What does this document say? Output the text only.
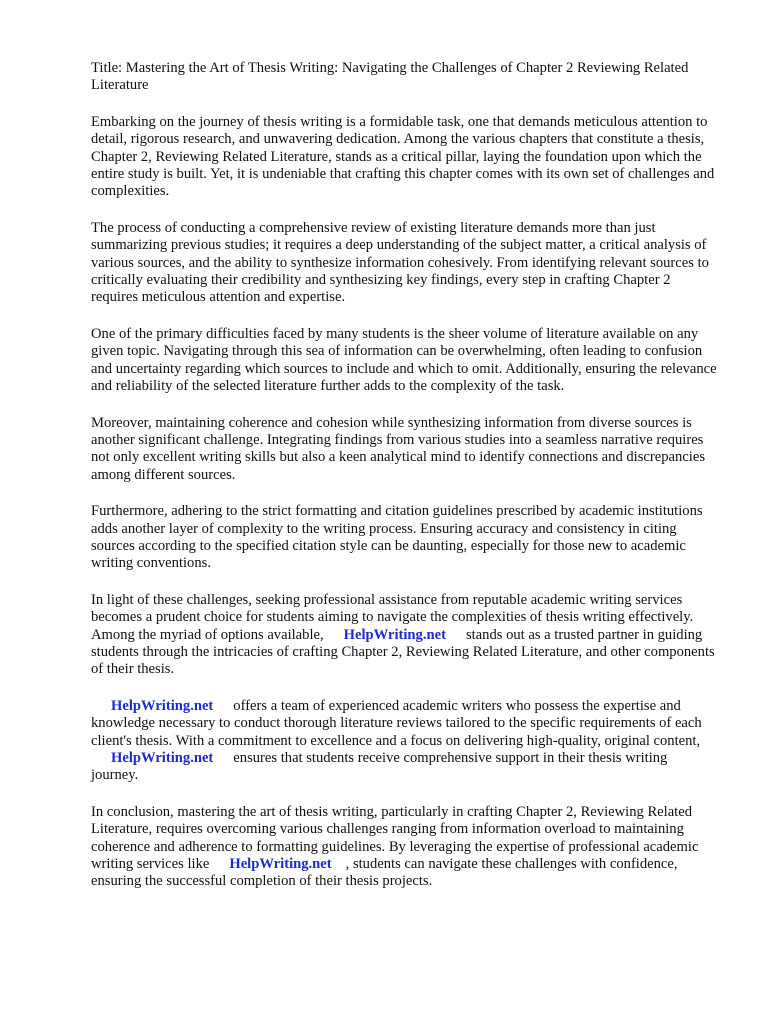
Title: Mastering the Art of Thesis Writing: Navigating the Challenges of Chapter 2 Reviewing Related Literature

Embarking on the journey of thesis writing is a formidable task, one that demands meticulous attention to detail, rigorous research, and unwavering dedication. Among the various chapters that constitute a thesis, Chapter 2, Reviewing Related Literature, stands as a critical pillar, laying the foundation upon which the entire study is built. Yet, it is undeniable that crafting this chapter comes with its own set of challenges and complexities.

The process of conducting a comprehensive review of existing literature demands more than just summarizing previous studies; it requires a deep understanding of the subject matter, a critical analysis of various sources, and the ability to synthesize information cohesively. From identifying relevant sources to critically evaluating their credibility and synthesizing key findings, every step in crafting Chapter 2 requires meticulous attention and expertise.

One of the primary difficulties faced by many students is the sheer volume of literature available on any given topic. Navigating through this sea of information can be overwhelming, often leading to confusion and uncertainty regarding which sources to include and which to omit. Additionally, ensuring the relevance and reliability of the selected literature further adds to the complexity of the task.

Moreover, maintaining coherence and cohesion while synthesizing information from diverse sources is another significant challenge. Integrating findings from various studies into a seamless narrative requires not only excellent writing skills but also a keen analytical mind to identify connections and discrepancies among different sources.

Furthermore, adhering to the strict formatting and citation guidelines prescribed by academic institutions adds another layer of complexity to the writing process. Ensuring accuracy and consistency in citing sources according to the specified citation style can be daunting, especially for those new to academic writing conventions.

In light of these challenges, seeking professional assistance from reputable academic writing services becomes a prudent choice for students aiming to navigate the complexities of thesis writing effectively. Among the myriad of options available, HelpWriting.net stands out as a trusted partner in guiding students through the intricacies of crafting Chapter 2, Reviewing Related Literature, and other components of their thesis.

HelpWriting.net offers a team of experienced academic writers who possess the expertise and knowledge necessary to conduct thorough literature reviews tailored to the specific requirements of each client's thesis. With a commitment to excellence and a focus on delivering high-quality, original content,HelpWriting.net ensures that students receive comprehensive support in their thesis writing journey.

In conclusion, mastering the art of thesis writing, particularly in crafting Chapter 2, Reviewing Related Literature, requires overcoming various challenges ranging from information overload to maintaining coherence and adherence to formatting guidelines. By leveraging the expertise of professional academic writing services like HelpWriting.net , students can navigate these challenges with confidence, ensuring the successful completion of their thesis projects.
